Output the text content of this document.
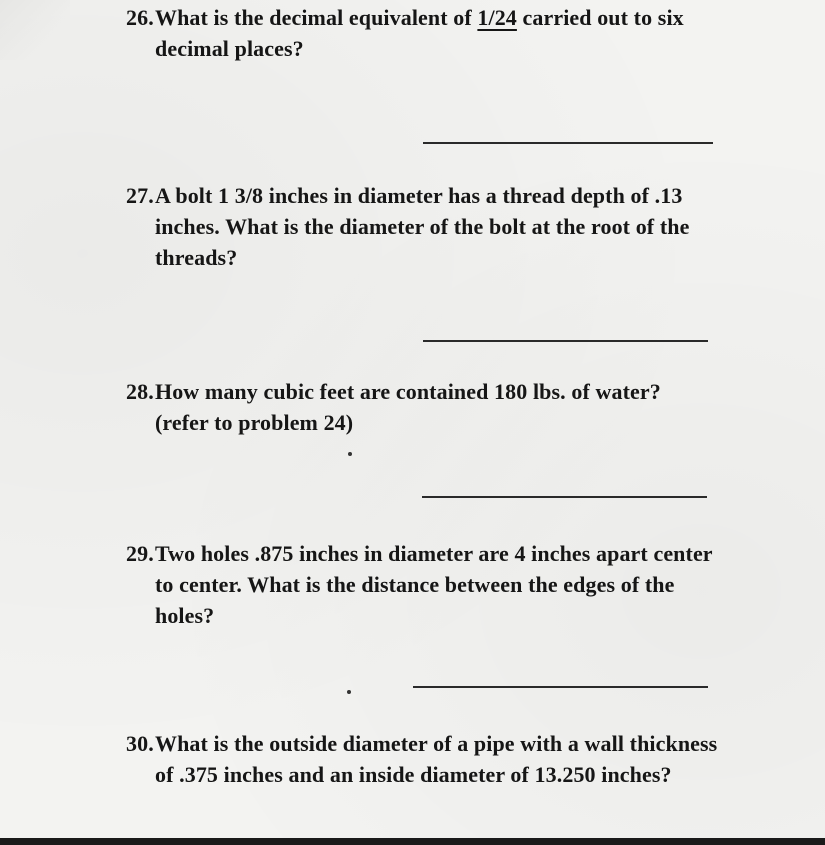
26.What is the decimal equivalent of 1/24 carried out to six
decimal places?
27.A bolt 1 3/8 inches in diameter has a thread depth of .13
inches. What is the diameter of the bolt at the root of the
threads?
28.How many cubic feet are contained 180 lbs. of water?
(refer to problem 24)
29.Two holes .875 inches in diameter are 4 inches apart center
to center. What is the distance between the edges of the
holes?
30.What is the outside diameter of a pipe with a wall thickness
of .375 inches and an inside diameter of 13.250 inches?
